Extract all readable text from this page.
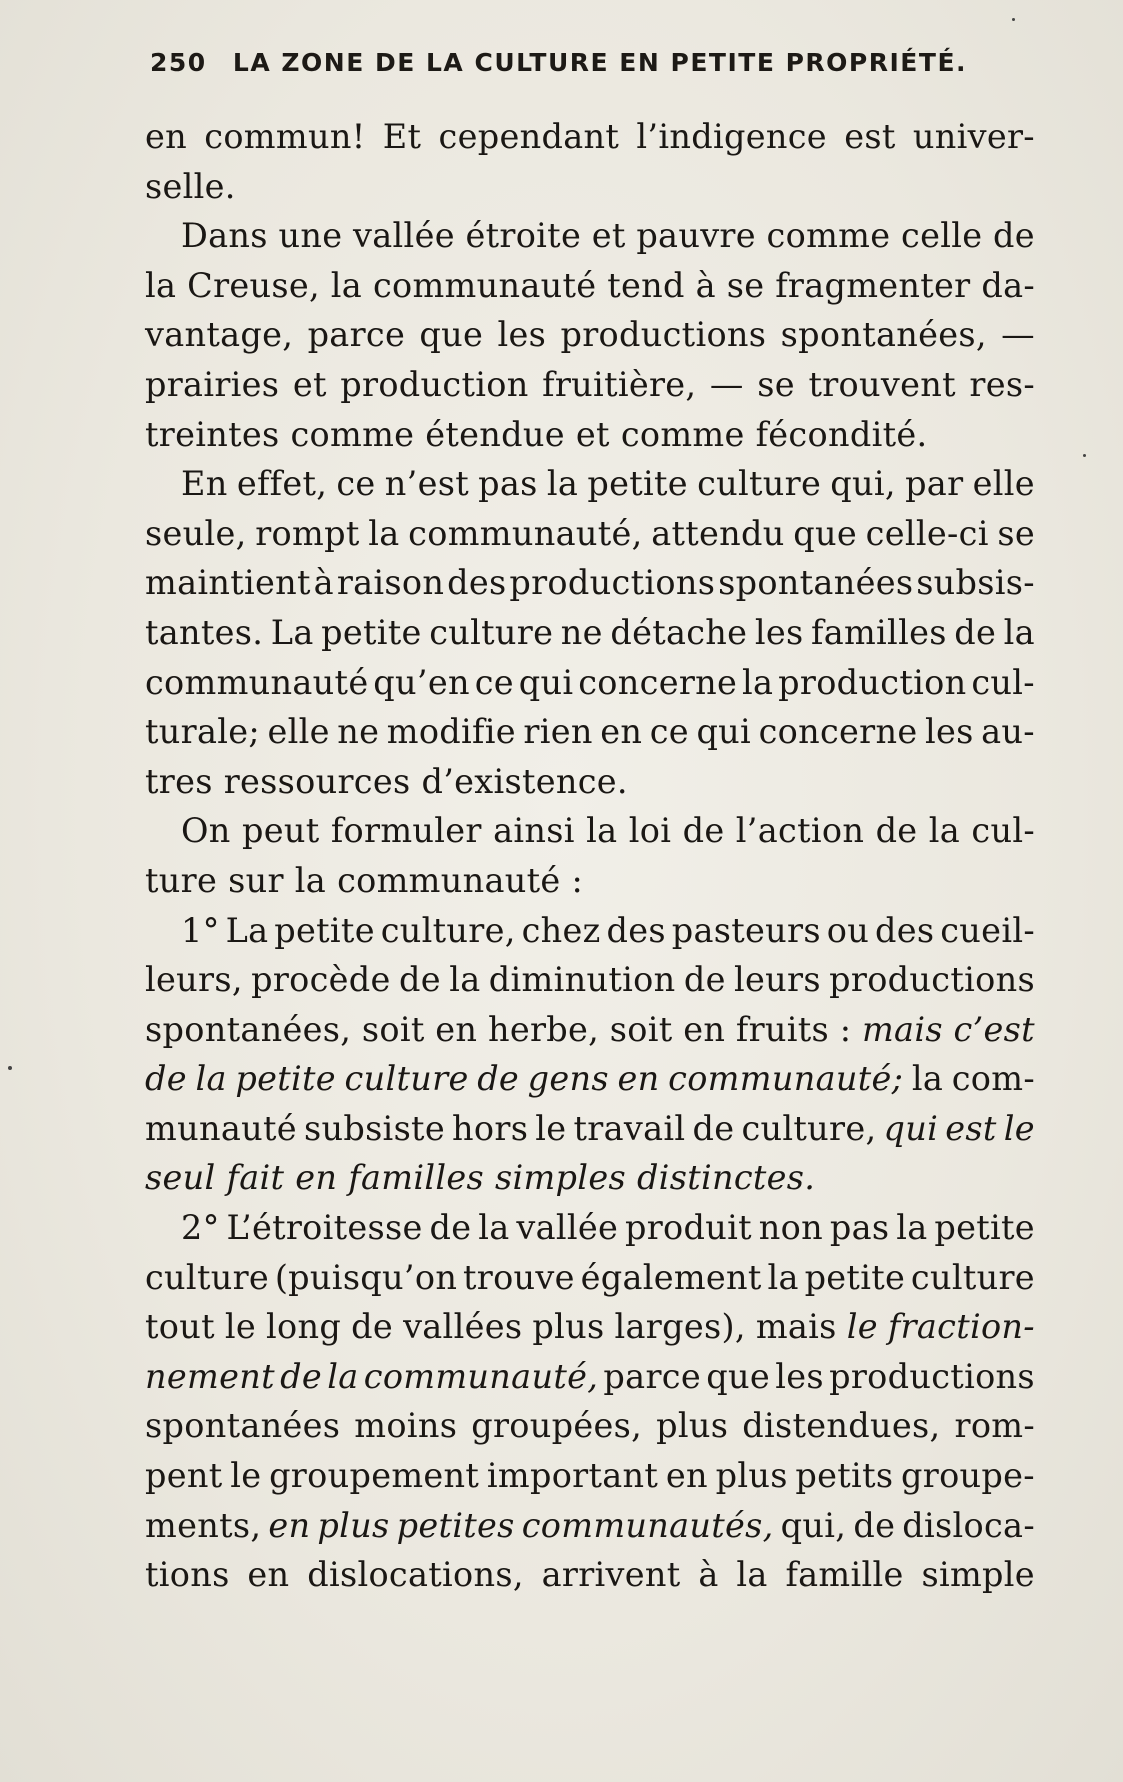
250 LA ZONE DE LA CULTURE EN PETITE PROPRIÉTÉ.
en commun! Et cependant l’indigence est univer-
selle.
Dans une vallée étroite et pauvre comme celle de
la Creuse, la communauté tend à se fragmenter da-
vantage, parce que les productions spontanées, —
prairies et production fruitière, — se trouvent res-
treintes comme étendue et comme fécondité.
En effet, ce n’est pas la petite culture qui, par elle
seule, rompt la communauté, attendu que celle-ci se
maintient à raison des productions spontanées subsis-
tantes. La petite culture ne détache les familles de la
communauté qu’en ce qui concerne la production cul-
turale; elle ne modifie rien en ce qui concerne les au-
tres ressources d’existence.
On peut formuler ainsi la loi de l’action de la cul-
ture sur la communauté :
1° La petite culture, chez des pasteurs ou des cueil-
leurs, procède de la diminution de leurs productions
spontanées, soit en herbe, soit en fruits : mais c’est
de la petite culture de gens en communauté; la com-
munauté subsiste hors le travail de culture, qui est le
seul fait en familles simples distinctes.
2° L’étroitesse de la vallée produit non pas la petite
culture (puisqu’on trouve également la petite culture
tout le long de vallées plus larges), mais le fraction-
nement de la communauté, parce que les productions
spontanées moins groupées, plus distendues, rom-
pent le groupement important en plus petits groupe-
ments, en plus petites communautés, qui, de disloca-
tions en dislocations, arrivent à la famille simple
